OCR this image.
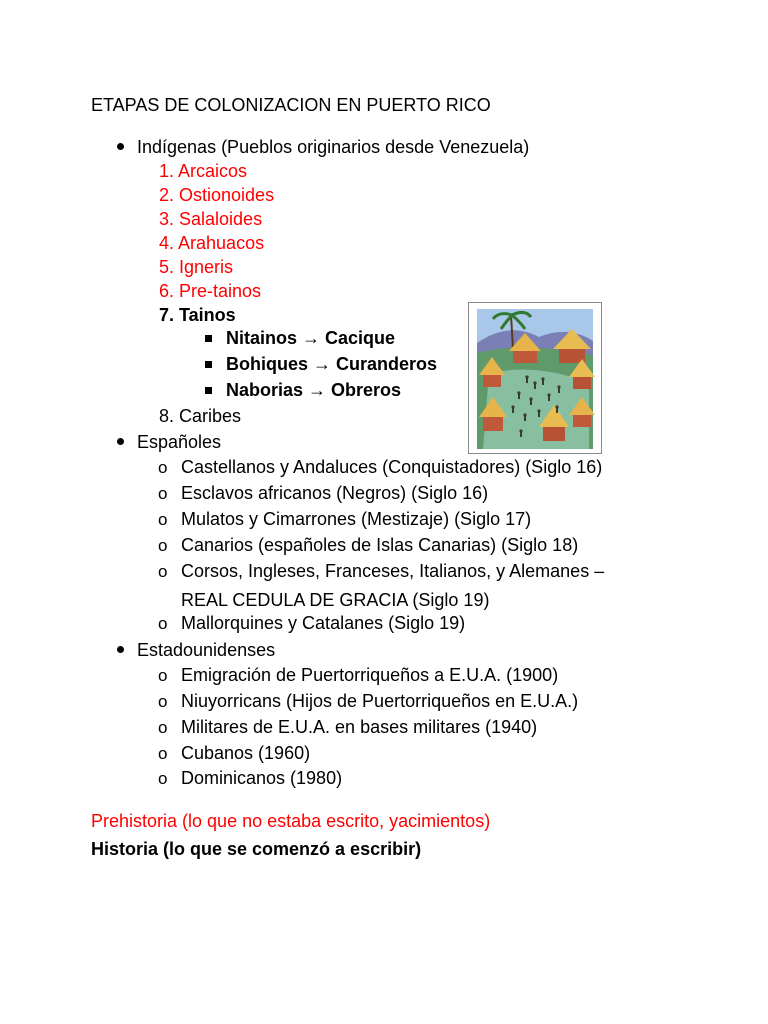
ETAPAS DE COLONIZACION EN PUERTO RICO
Indígenas (Pueblos originarios desde Venezuela)
1. Arcaicos
2. Ostionoides
3. Salaloides
4. Arahuacos
5. Igneris
6. Pre-tainos
7. Tainos
Nitainos → Cacique
Bohiques → Curanderos
Naborias → Obreros
8. Caribes
Españoles
o Castellanos y Andaluces (Conquistadores) (Siglo 16)
o Esclavos africanos (Negros) (Siglo 16)
o Mulatos y Cimarrones (Mestizaje) (Siglo 17)
o Canarios (españoles de Islas Canarias) (Siglo 18)
o Corsos, Ingleses, Franceses, Italianos, y Alemanes –
REAL CEDULA DE GRACIA (Siglo 19)
o Mallorquines y Catalanes (Siglo 19)
Estadounidenses
o Emigración de Puertorriqueños a E.U.A. (1900)
o Niuyorricans (Hijos de Puertorriqueños en E.U.A.)
o Militares de E.U.A. en bases militares (1940)
o Cubanos (1960)
o Dominicanos (1980)
Prehistoria (lo que no estaba escrito, yacimientos)
Historia (lo que se comenzó a escribir)
